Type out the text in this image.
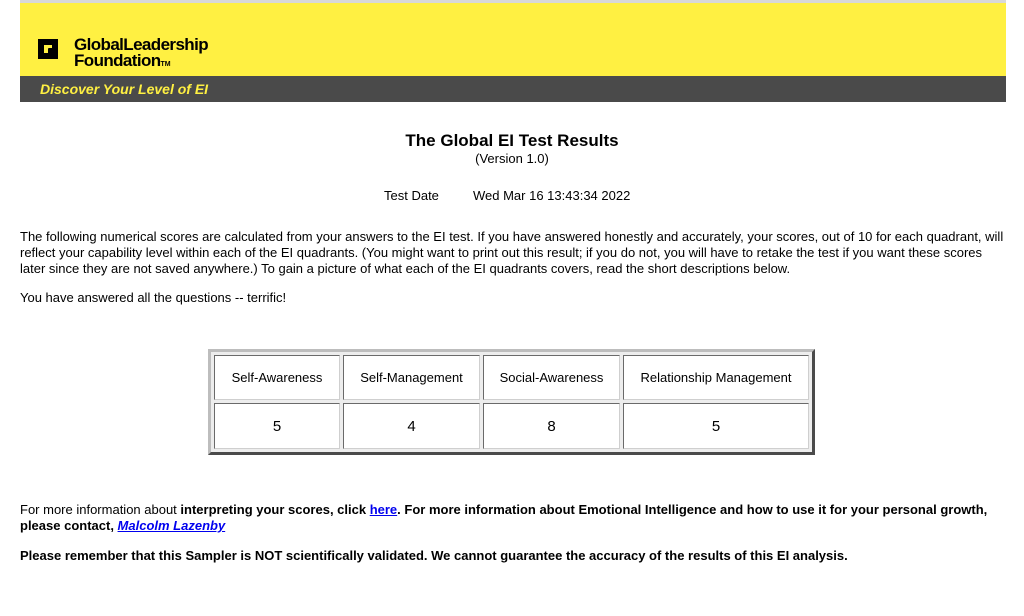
GlobalLeadership
FoundationTM
Discover Your Level of EI
The Global EI Test Results
(Version 1.0)
Test Date	Wed Mar 16 13:43:34 2022
The following numerical scores are calculated from your answers to the EI test. If you have answered honestly and accurately, your scores, out of 10 for each quadrant, will reflect your capability level within each of the EI quadrants. (You might want to print out this result; if you do not, you will have to retake the test if you want these scores later since they are not saved anywhere.) To gain a picture of what each of the EI quadrants covers, read the short descriptions below.
You have answered all the questions -- terrific!
Self-Awareness	Self-Management	Social-Awareness	Relationship Management
5	4	8	5
For more information about interpreting your scores, click here. For more information about Emotional Intelligence and how to use it for your personal growth, please contact, Malcolm Lazenby
Please remember that this Sampler is NOT scientifically validated. We cannot guarantee the accuracy of the results of this EI analysis.
